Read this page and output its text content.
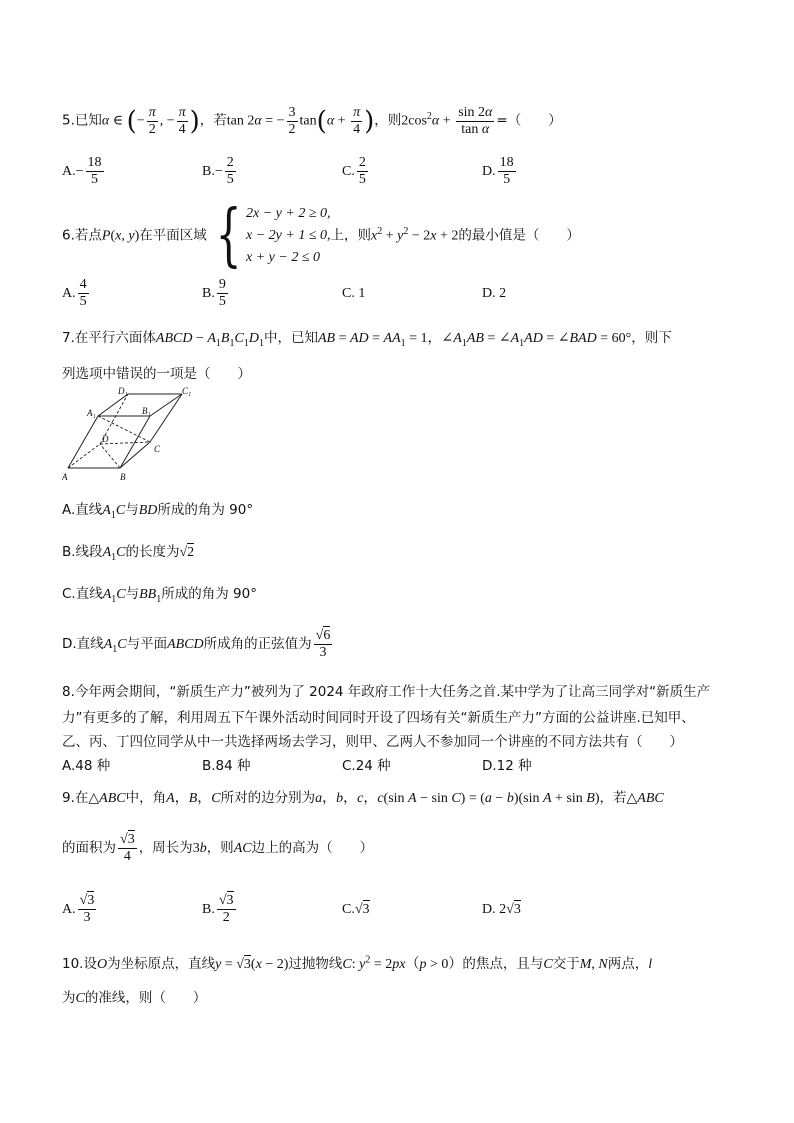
5.已知α ∈ (− $\frac{\pi}{2}$ , − $\frac{\pi}{4}$ )，若tan 2α = − $\frac{3}{2} \tan(\alpha + \frac{\pi}{4}$ )，则$2\cos^2\alpha + \frac{\sin 2\alpha}{\text{tan α}}$ =（　　）
$A.- \frac{18}{5}$	$B.- \frac{2}{5}$	C. $\frac{2}{5}$	D. $\frac{18}{5}$
6.若点P(x, y)在平面区域 { 2x − y + 2 ≥ 0,
x − 2y + 1 ≤ 0,
x + y − 2 ≤ 0
上，则$x^2 + y^2 - 2x + 2$的最小值是（　　）
A. $\frac{4}{5}$	B. $\frac{9}{5}$	C. 1	D. 2
7.在平行六面体ABCD − $A_1B_1C_1D_1$中，已知AB = AD = $AA_1 = 1$，$\angle A_1AB$ = $\angle A_1AD$ = ∠BAD = 60°，则下
列选项中错误的一项是（　　）
D₁	C₁
A₁	B₁
D
C
A	B
A.直线$A_1C$与BD所成的角为 90°
B.线段$A_1C$的长度为√2
C.直线$A_1C$与$BB_1$所成的角为 90°
D.直线$A_1C$与平面ABCD所成角的正弦值为 $\frac{√6}{3}$
8.今年两会期间，“新质生产力”被列为了 2024 年政府工作十大任务之首.某中学为了让高三同学对“新质生产
力”有更多的了解，利用周五下午课外活动时间同时开设了四场有关“新质生产力”方面的公益讲座.已知甲、
乙、丙、丁四位同学从中一共选择两场去学习，则甲、乙两人不参加同一个讲座的不同方法共有（　　）
A.48 种	B.84 种	C.24 种	D.12 种
9.在△ABC中，角A，B，C所对的边分别为a，b，c，c(sin A − sin C) = (a − b)(sin A + sin B)，若△ABC
的面积为 $\frac{√3}{4}$ ，周长为3b，则AC边上的高为（　　）
A. $\frac{√3}{3}$	B. $\frac{√3}{2}$	C.√3	D. 2√3
10.设O为坐标原点，直线y = √3(x − 2)过抛物线C: $y^2 = 2px(p > 0)$的焦点，且与C交于M, N两点，l
为C的准线，则（　　）
